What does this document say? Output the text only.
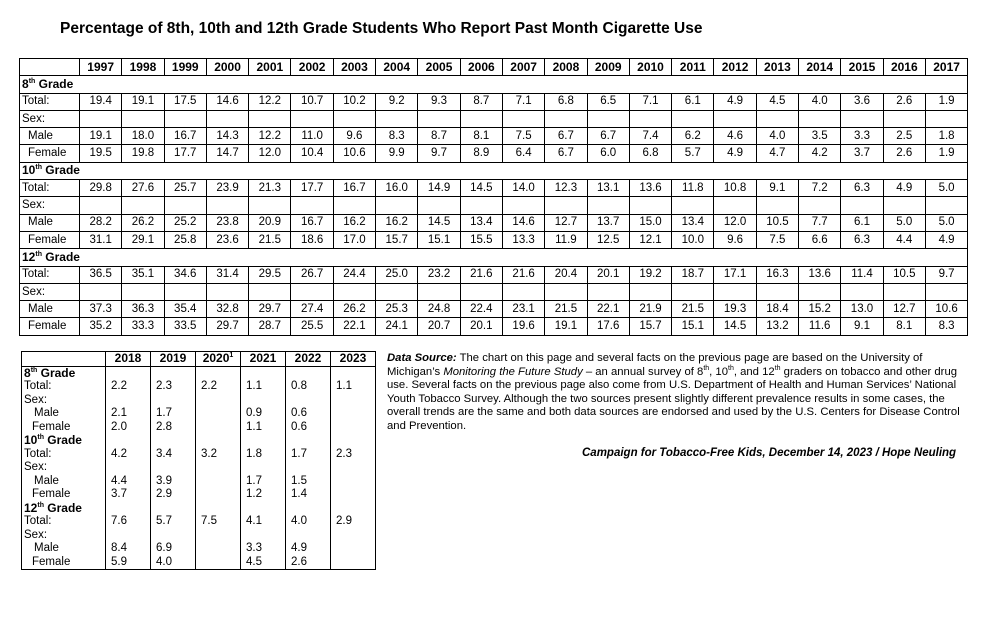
Percentage of 8th, 10th and 12th Grade Students Who Report Past Month Cigarette Use
	1997	1998	1999	2000	2001	2002	2003	2004	2005	2006	2007	2008	2009	2010	2011	2012	2013	2014	2015	2016	2017
8th Grade																					
Total:	19.4	19.1	17.5	14.6	12.2	10.7	10.2	9.2	9.3	8.7	7.1	6.8	6.5	7.1	6.1	4.9	4.5	4.0	3.6	2.6	1.9
Sex:																					
Male	19.1	18.0	16.7	14.3	12.2	11.0	9.6	8.3	8.7	8.1	7.5	6.7	6.7	7.4	6.2	4.6	4.0	3.5	3.3	2.5	1.8
Female	19.5	19.8	17.7	14.7	12.0	10.4	10.6	9.9	9.7	8.9	6.4	6.7	6.0	6.8	5.7	4.9	4.7	4.2	3.7	2.6	1.9
10th Grade																					
Total:	29.8	27.6	25.7	23.9	21.3	17.7	16.7	16.0	14.9	14.5	14.0	12.3	13.1	13.6	11.8	10.8	9.1	7.2	6.3	4.9	5.0
Sex:																					
Male	28.2	26.2	25.2	23.8	20.9	16.7	16.2	16.2	14.5	13.4	14.6	12.7	13.7	15.0	13.4	12.0	10.5	7.7	6.1	5.0	5.0
Female	31.1	29.1	25.8	23.6	21.5	18.6	17.0	15.7	15.1	15.5	13.3	11.9	12.5	12.1	10.0	9.6	7.5	6.6	6.3	4.4	4.9
12th Grade																					
Total:	36.5	35.1	34.6	31.4	29.5	26.7	24.4	25.0	23.2	21.6	21.6	20.4	20.1	19.2	18.7	17.1	16.3	13.6	11.4	10.5	9.7
Sex:																					
Male	37.3	36.3	35.4	32.8	29.7	27.4	26.2	25.3	24.8	22.4	23.1	21.5	22.1	21.9	21.5	19.3	18.4	15.2	13.0	12.7	10.6
Female	35.2	33.3	33.5	29.7	28.7	25.5	22.1	24.1	20.7	20.1	19.6	19.1	17.6	15.7	15.1	14.5	13.2	11.6	9.1	8.1	8.3
	2018	2019	2020$^1$	2021	2022	2023
8th Grade						
Total:	2.2	2.3	2.2	1.1	0.8	1.1
Sex:						
Male	2.1	1.7		0.9	0.6	
Female	2.0	2.8		1.1	0.6	
10th Grade						
Total:	4.2	3.4	3.2	1.8	1.7	2.3
Sex:						
Male	4.4	3.9		1.7	1.5	
Female	3.7	2.9		1.2	1.4	
12th Grade						
Total:	7.6	5.7	7.5	4.1	4.0	2.9
Sex:						
Male	8.4	6.9		3.3	4.9	
Female	5.9	4.0		4.5	2.6	
Data Source: The chart on this page and several facts on the previous page are based on the University of Michigan’s Monitoring the Future Study – an annual survey of 8th, 10th, and 12th graders on tobacco and other drug use. Several facts on the previous page also come from U.S. Department of Health and Human Services’ National Youth Tobacco Survey. Although the two sources present slightly different prevalence results in some cases, the overall trends are the same and both data sources are endorsed and used by the U.S. Centers for Disease Control and Prevention.
Campaign for Tobacco-Free Kids, December 14, 2023 / Hope Neuling
